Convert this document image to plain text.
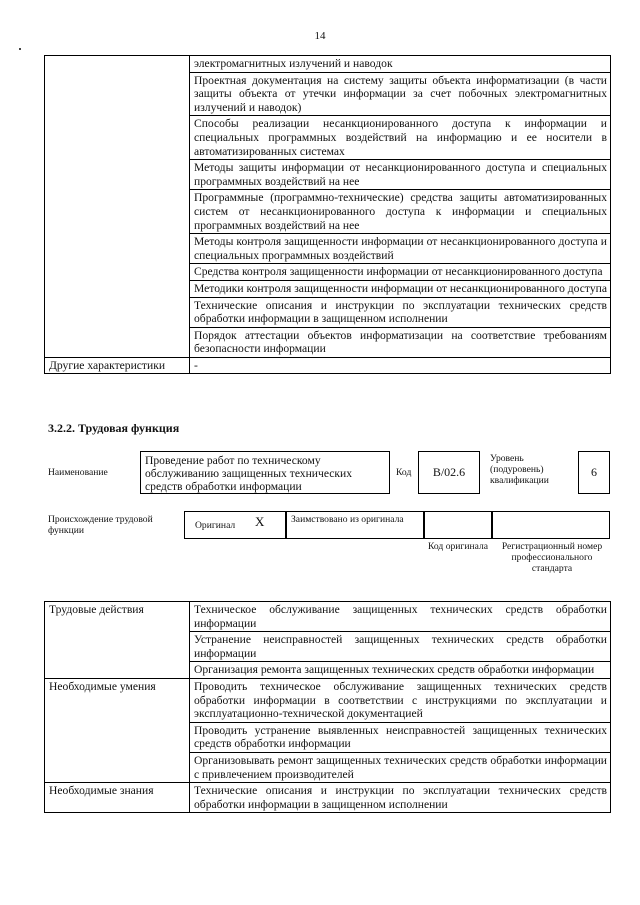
14
	электромагнитных излучений и наводок
	Проектная документация на систему защиты объекта информатизации (в части защиты объекта от утечки информации за счет побочных электромагнитных излучений и наводок)
	Способы реализации несанкционированного доступа к информации и специальных программных воздействий на информацию и ее носители в автоматизированных системах
	Методы защиты информации от несанкционированного доступа и специальных программных воздействий на нее
	Программные (программно-технические) средства защиты автоматизированных систем от несанкционированного доступа к информации и специальных программных воздействий на нее
	Методы контроля защищенности информации от несанкционированного доступа и специальных программных воздействий
	Средства контроля защищенности информации от несанкционированного доступа
	Методики контроля защищенности информации от несанкционированного доступа
	Технические описания и инструкции по эксплуатации технических средств обработки информации в защищенном исполнении
	Порядок аттестации объектов информатизации на соответствие требованиям безопасности информации
Другие характеристики	-
3.2.2. Трудовая функция
Наименование
Проведение работ по техническому обслуживанию защищенных технических средств обработки информации
Код	В/02.6
Уровень (подуровень) квалификации
6
Происхождение трудовой функции	Оригинал X	Заимствовано из оригинала
Код оригинала	Регистрационный номер профессионального стандарта
Трудовые действия	Техническое обслуживание защищенных технических средств обработки информации
	Устранение неисправностей защищенных технических средств обработки информации
	Организация ремонта защищенных технических средств обработки информации
Необходимые умения	Проводить техническое обслуживание защищенных технических средств обработки информации в соответствии с инструкциями по эксплуатации и эксплуатационно-технической документацией
	Проводить устранение выявленных неисправностей защищенных технических средств обработки информации
	Организовывать ремонт защищенных технических средств обработки информации с привлечением производителей
Необходимые знания	Технические описания и инструкции по эксплуатации технических средств обработки информации в защищенном исполнении
